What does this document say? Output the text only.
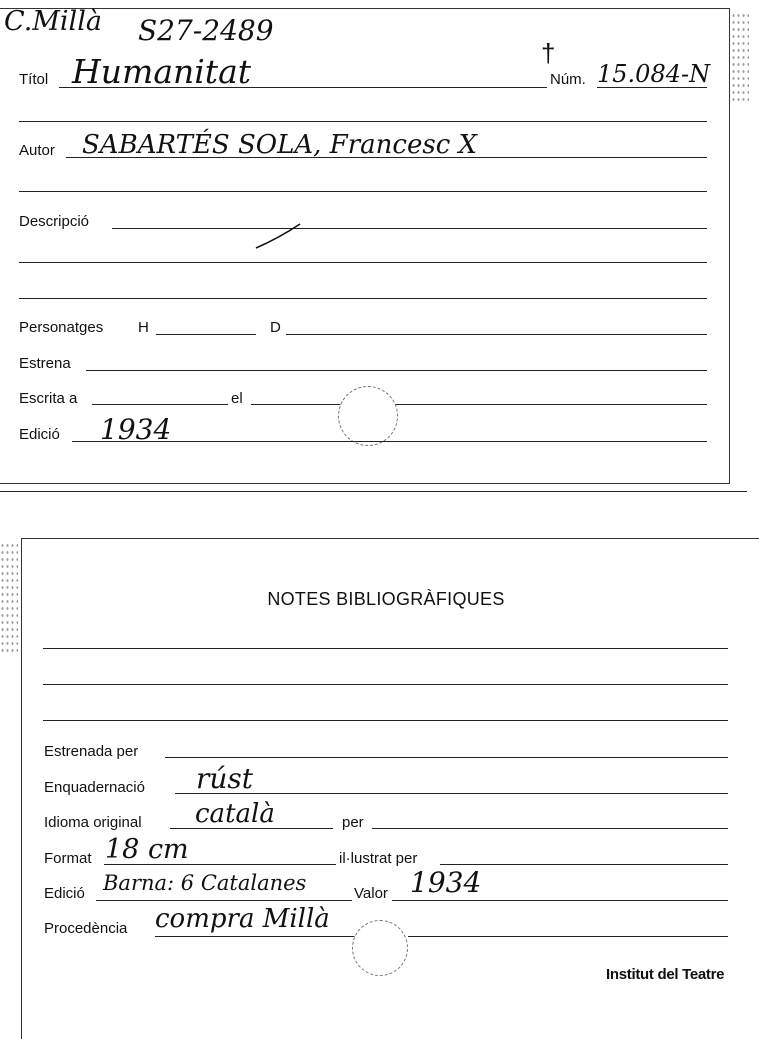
C.Millà S27-2489
Títol Humanitat	†
Núm. 15.084-N
Autor SABARTÉS SOLA, Francesc X
Descripció
Personatges H	D
Estrena
Escrita a	el
Edició 1934
NOTES BIBLIOGRÀFIQUES
Estrenada per
Enquadernació rúst
Idioma original català	per
Format 18 cm	il·lustrat per
Edició Barna: 6 Catalanes	Valor 1934
Procedència compra Millà
Institut del Teatre
